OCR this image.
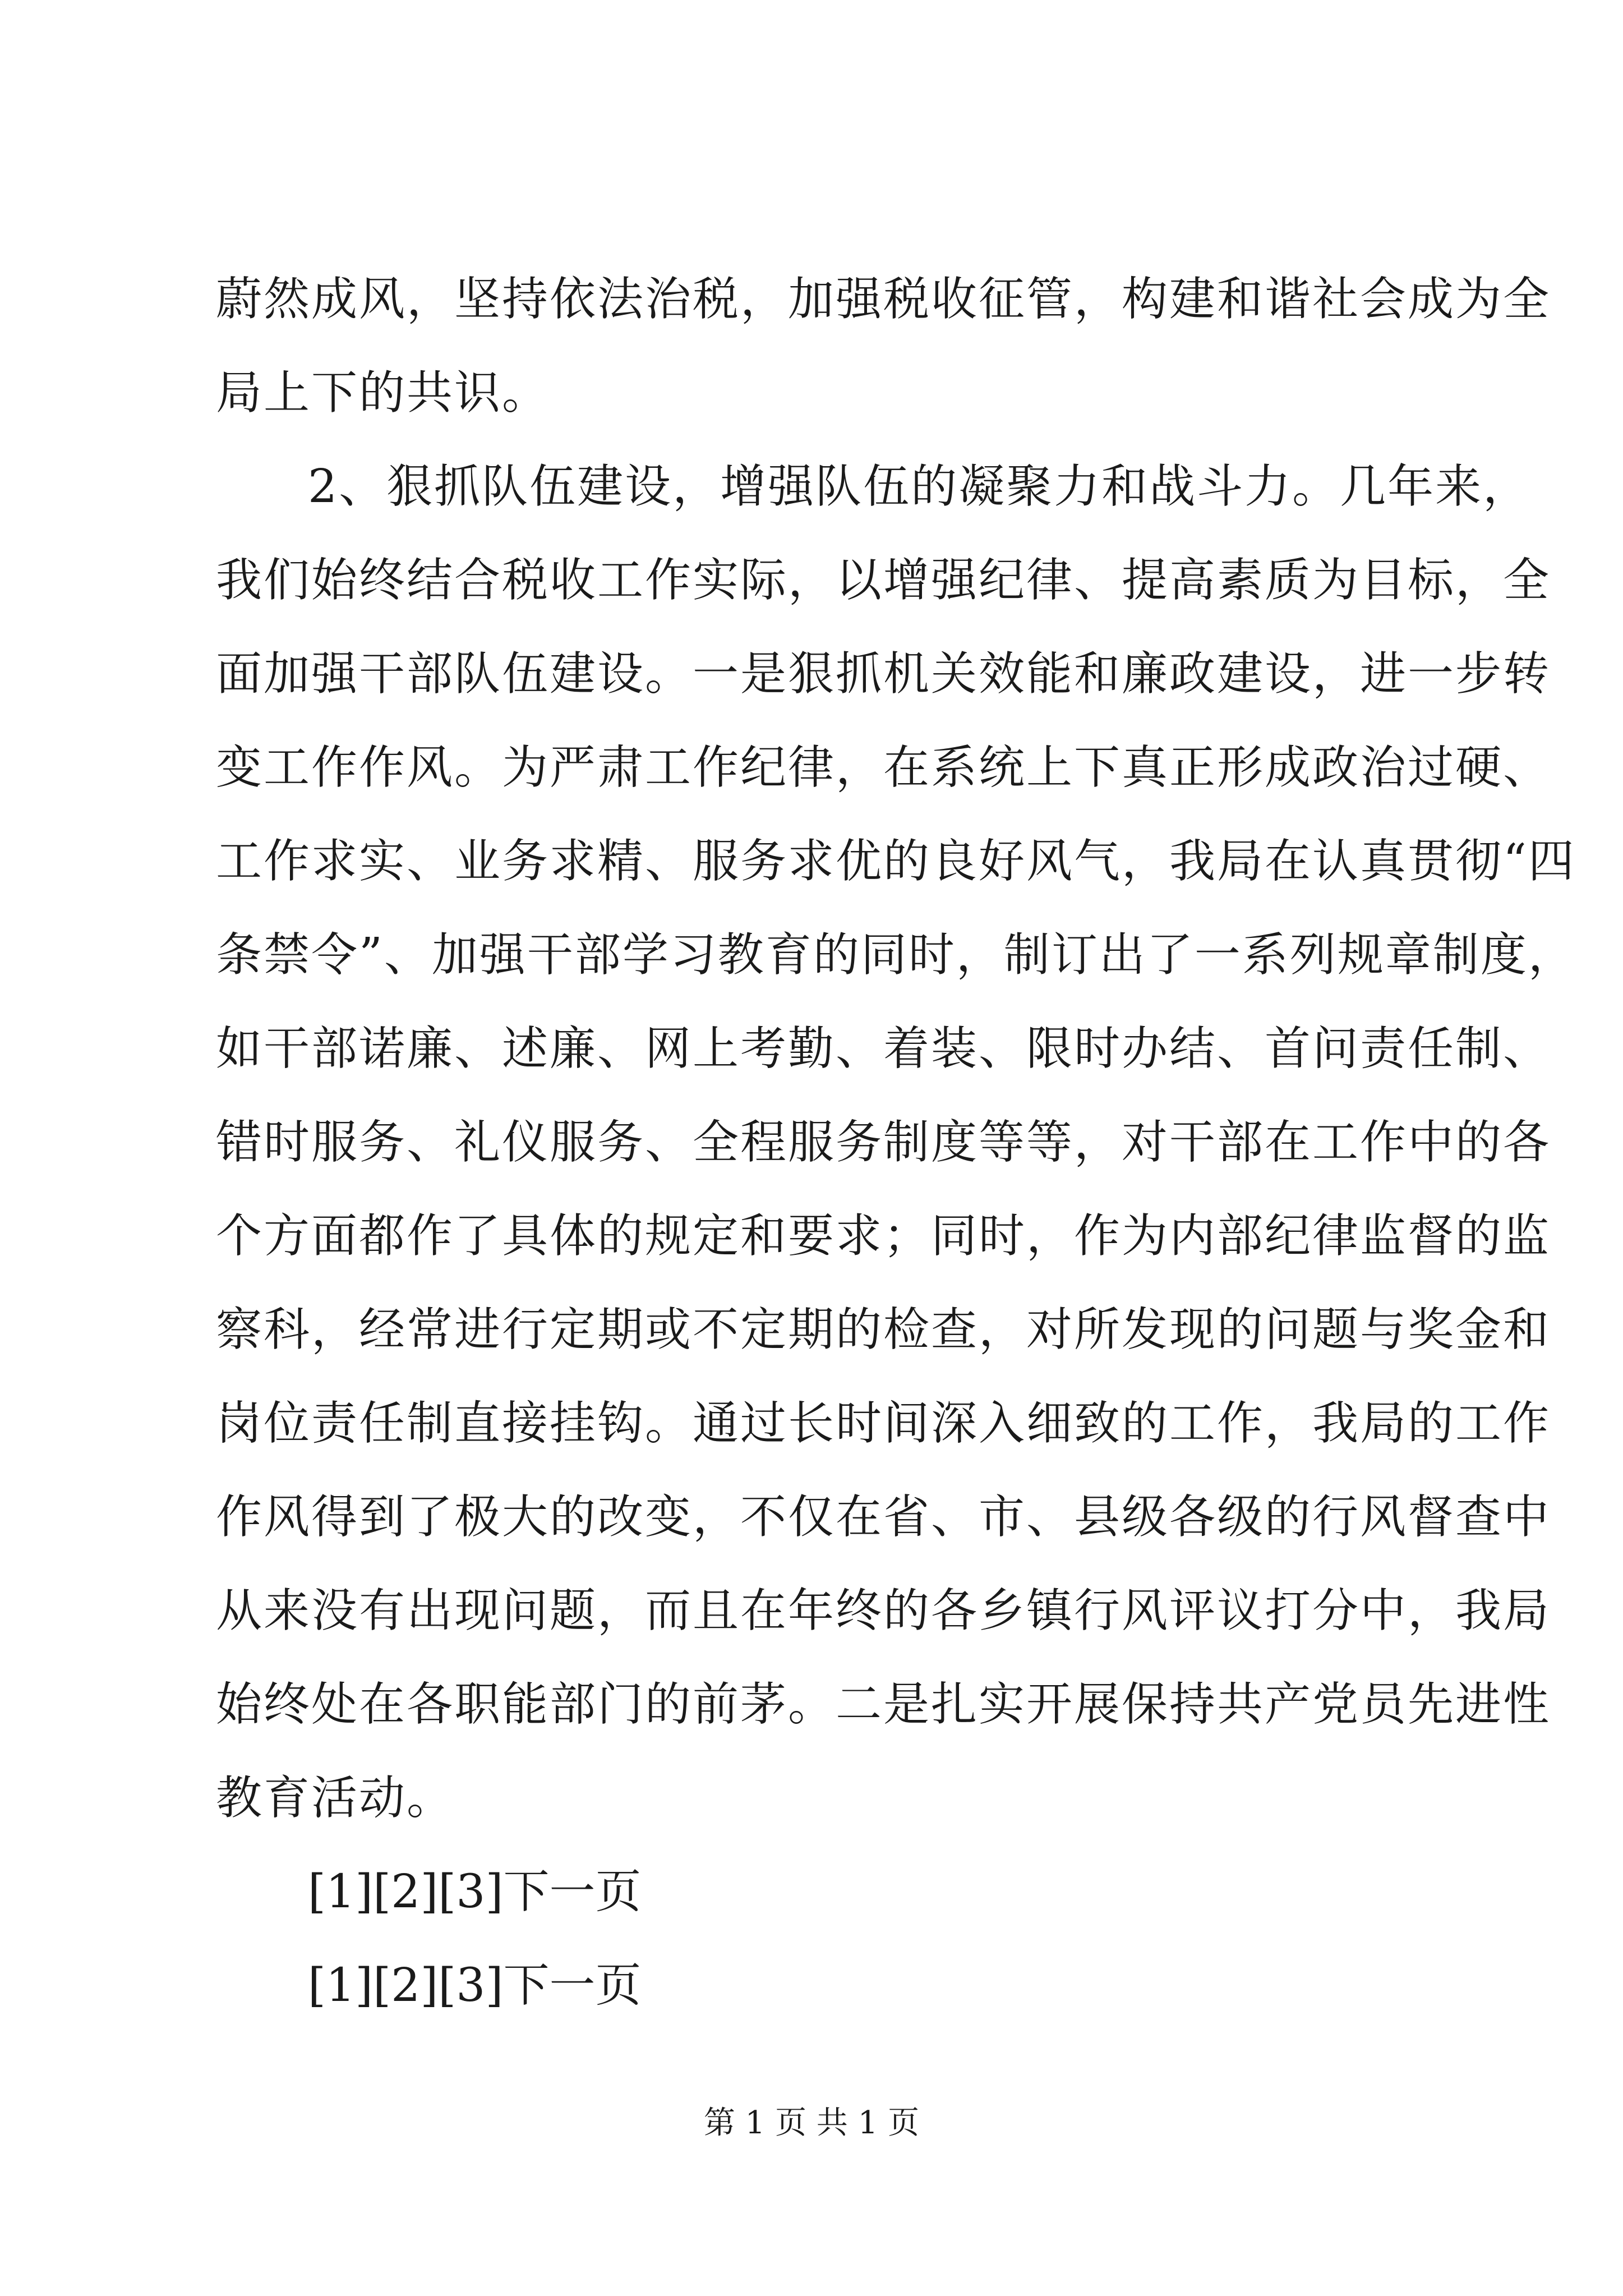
蔚然成风，坚持依法治税，加强税收征管，构建和谐社会成为全
局上下的共识。
2、狠抓队伍建设，增强队伍的凝聚力和战斗力。几年来，
我们始终结合税收工作实际，以增强纪律、提高素质为目标，全
面加强干部队伍建设。一是狠抓机关效能和廉政建设，进一步转
变工作作风。为严肃工作纪律，在系统上下真正形成政治过硬、
工作求实、业务求精、服务求优的良好风气，我局在认真贯彻“四
条禁令”、加强干部学习教育的同时，制订出了一系列规章制度，
如干部诺廉、述廉、网上考勤、着装、限时办结、首问责任制、
错时服务、礼仪服务、全程服务制度等等，对干部在工作中的各
个方面都作了具体的规定和要求；同时，作为内部纪律监督的监
察科，经常进行定期或不定期的检查，对所发现的问题与奖金和
岗位责任制直接挂钩。通过长时间深入细致的工作，我局的工作
作风得到了极大的改变，不仅在省、市、县级各级的行风督查中
从来没有出现问题，而且在年终的各乡镇行风评议打分中，我局
始终处在各职能部门的前茅。二是扎实开展保持共产党员先进性
教育活动。
[1][2][3]下一页
[1][2][3]下一页
第 1 页 共 1 页
